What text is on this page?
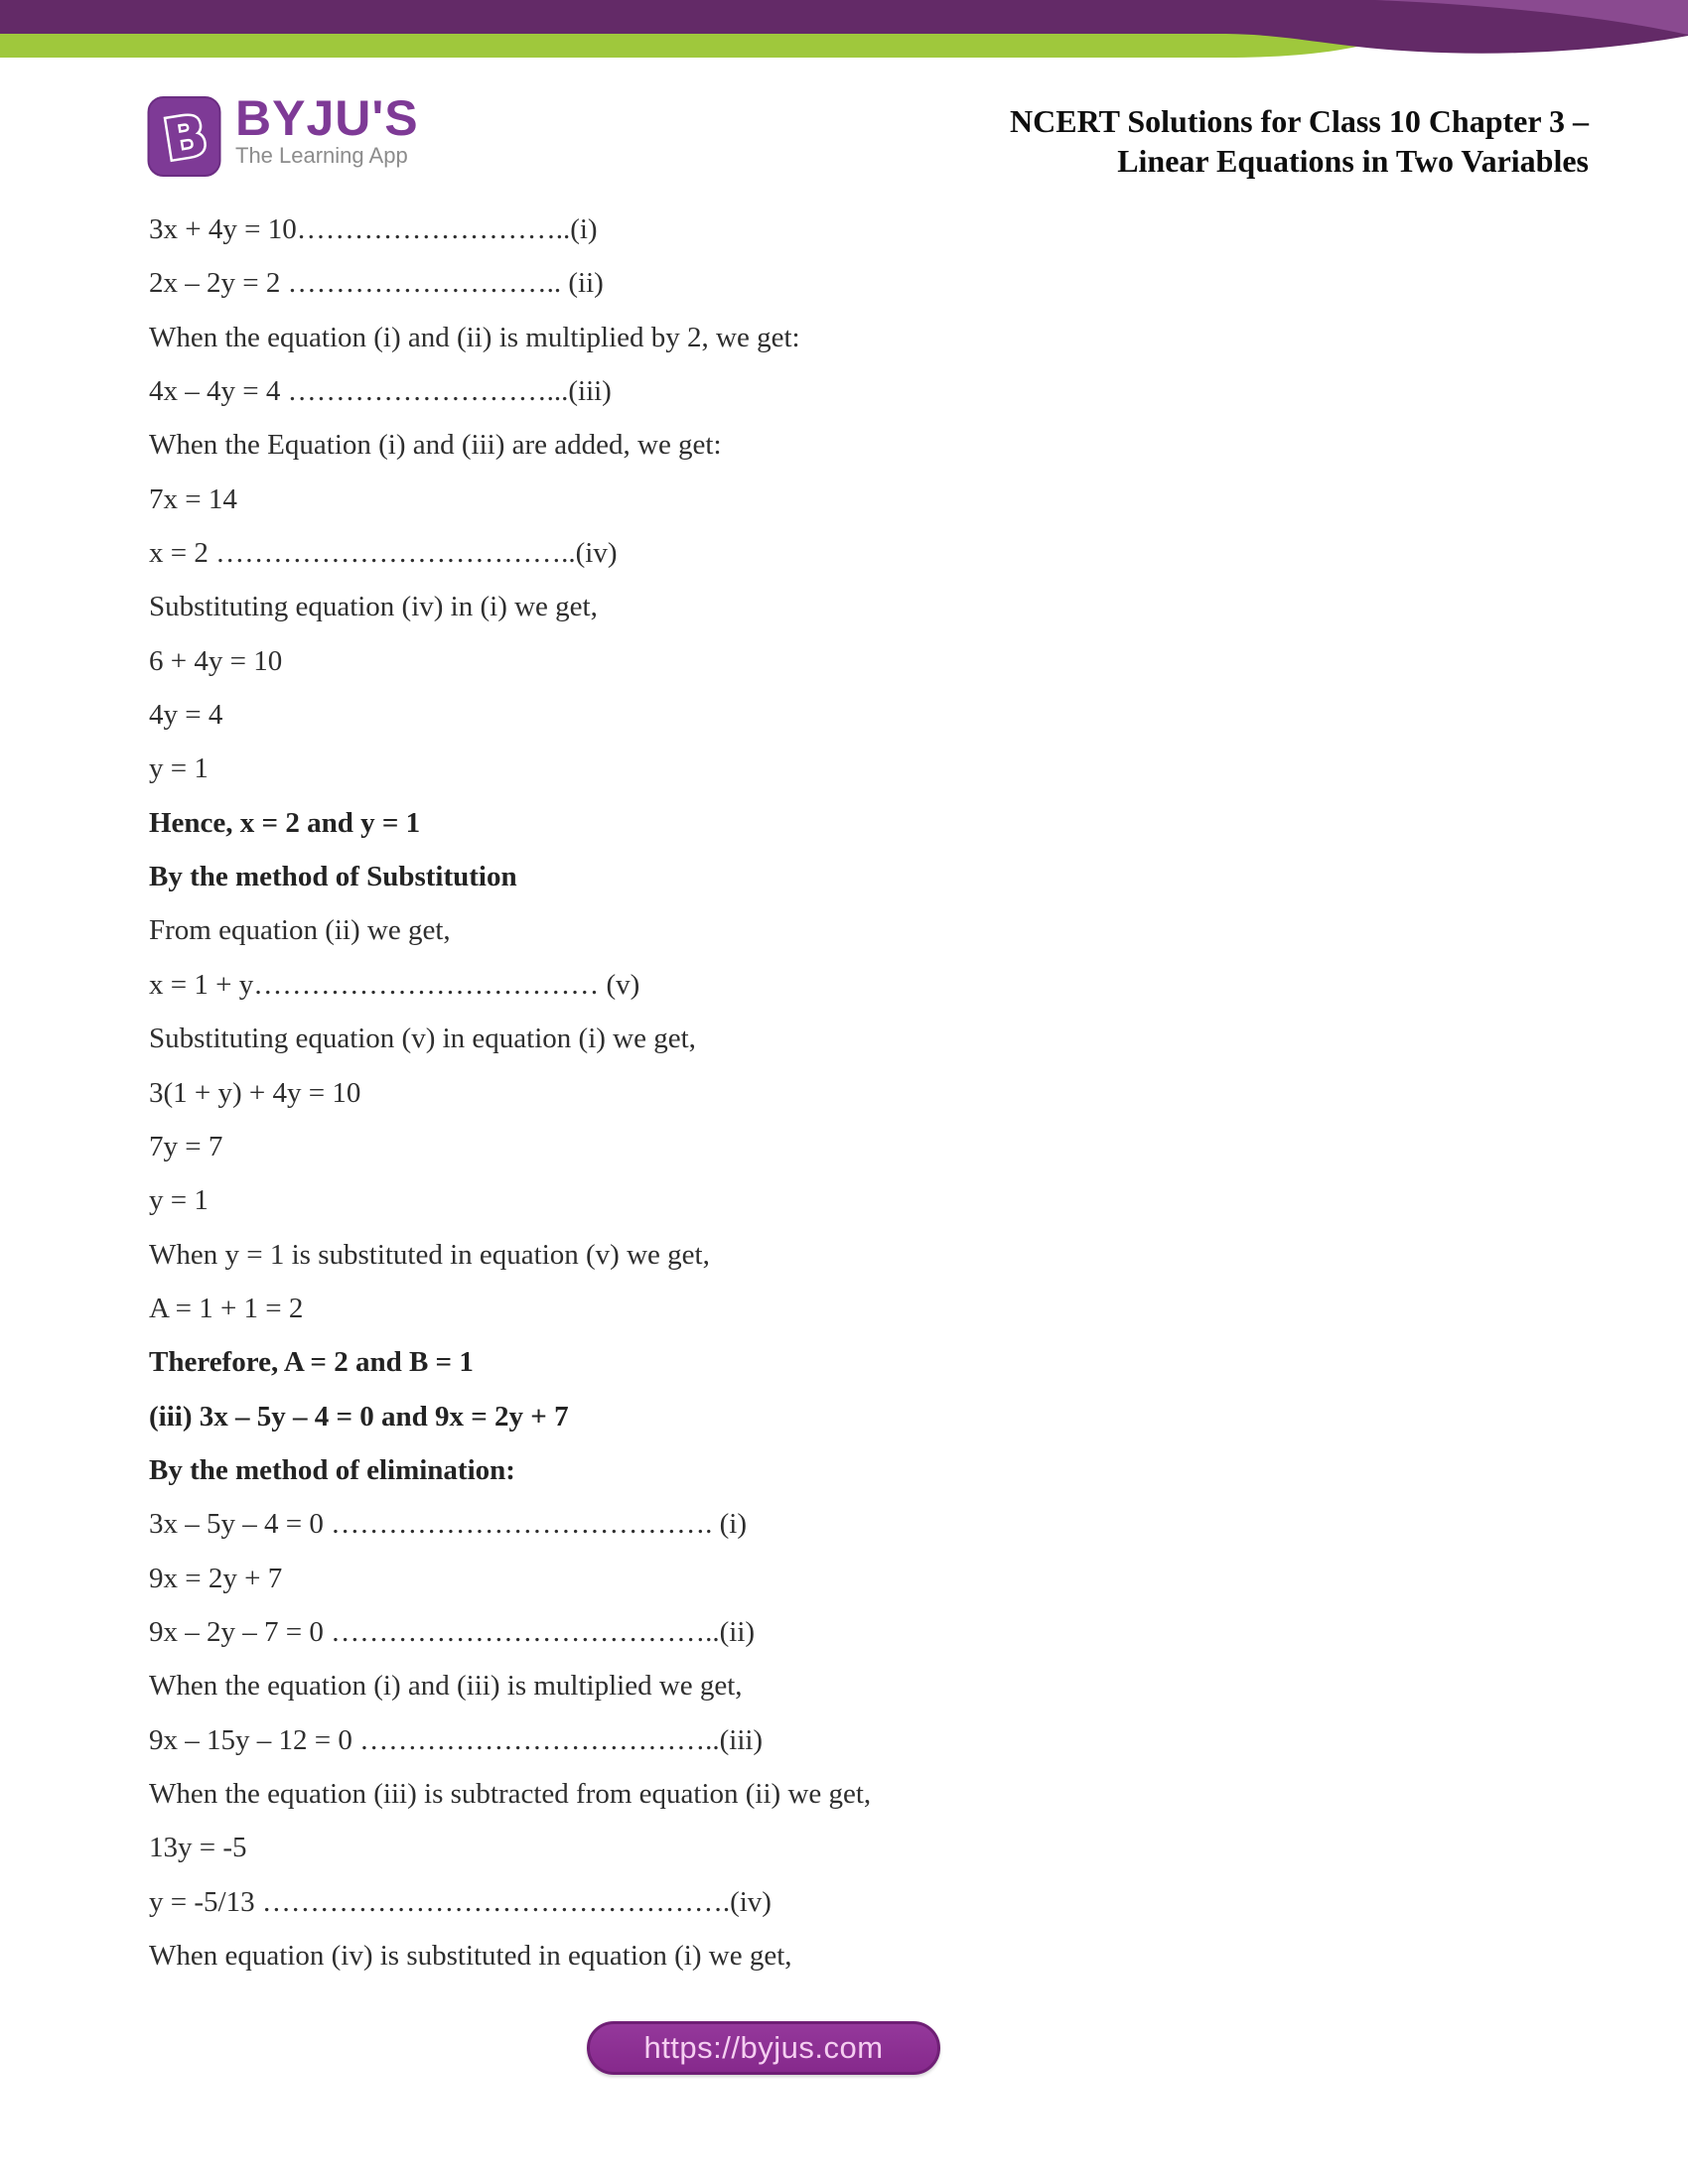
B BYJU'S
The Learning App
NCERT Solutions for Class 10 Chapter 3 –
Linear Equations in Two Variables

3x + 4y = 10………………………..(i)

2x – 2y = 2 ……………………….. (ii)

When the equation (i) and (ii) is multiplied by 2, we get:

4x – 4y = 4 ………………………...(iii)

When the Equation (i) and (iii) are added, we get:

7x = 14

x = 2 ………………………………..(iv)

Substituting equation (iv) in (i) we get,

6 + 4y = 10

4y = 4

y = 1

Hence, x = 2 and y = 1

By the method of Substitution

From equation (ii) we get,

x = 1 + y……………………………… (v)

Substituting equation (v) in equation (i) we get,

3(1 + y) + 4y = 10

7y = 7

y = 1

When y = 1 is substituted in equation (v) we get,

A = 1 + 1 = 2

Therefore, A = 2 and B = 1

(iii) 3x – 5y – 4 = 0 and 9x = 2y + 7

By the method of elimination:

3x – 5y – 4 = 0 …………………………………. (i)

9x = 2y + 7

9x – 2y – 7 = 0 …………………………………..(ii)

When the equation (i) and (iii) is multiplied we get,

9x – 15y – 12 = 0 ………………………………..(iii)

When the equation (iii) is subtracted from equation (ii) we get,

13y = -5

y = -5/13 ………………………………………….(iv)

When equation (iv) is substituted in equation (i) we get,

https://byjus.com
